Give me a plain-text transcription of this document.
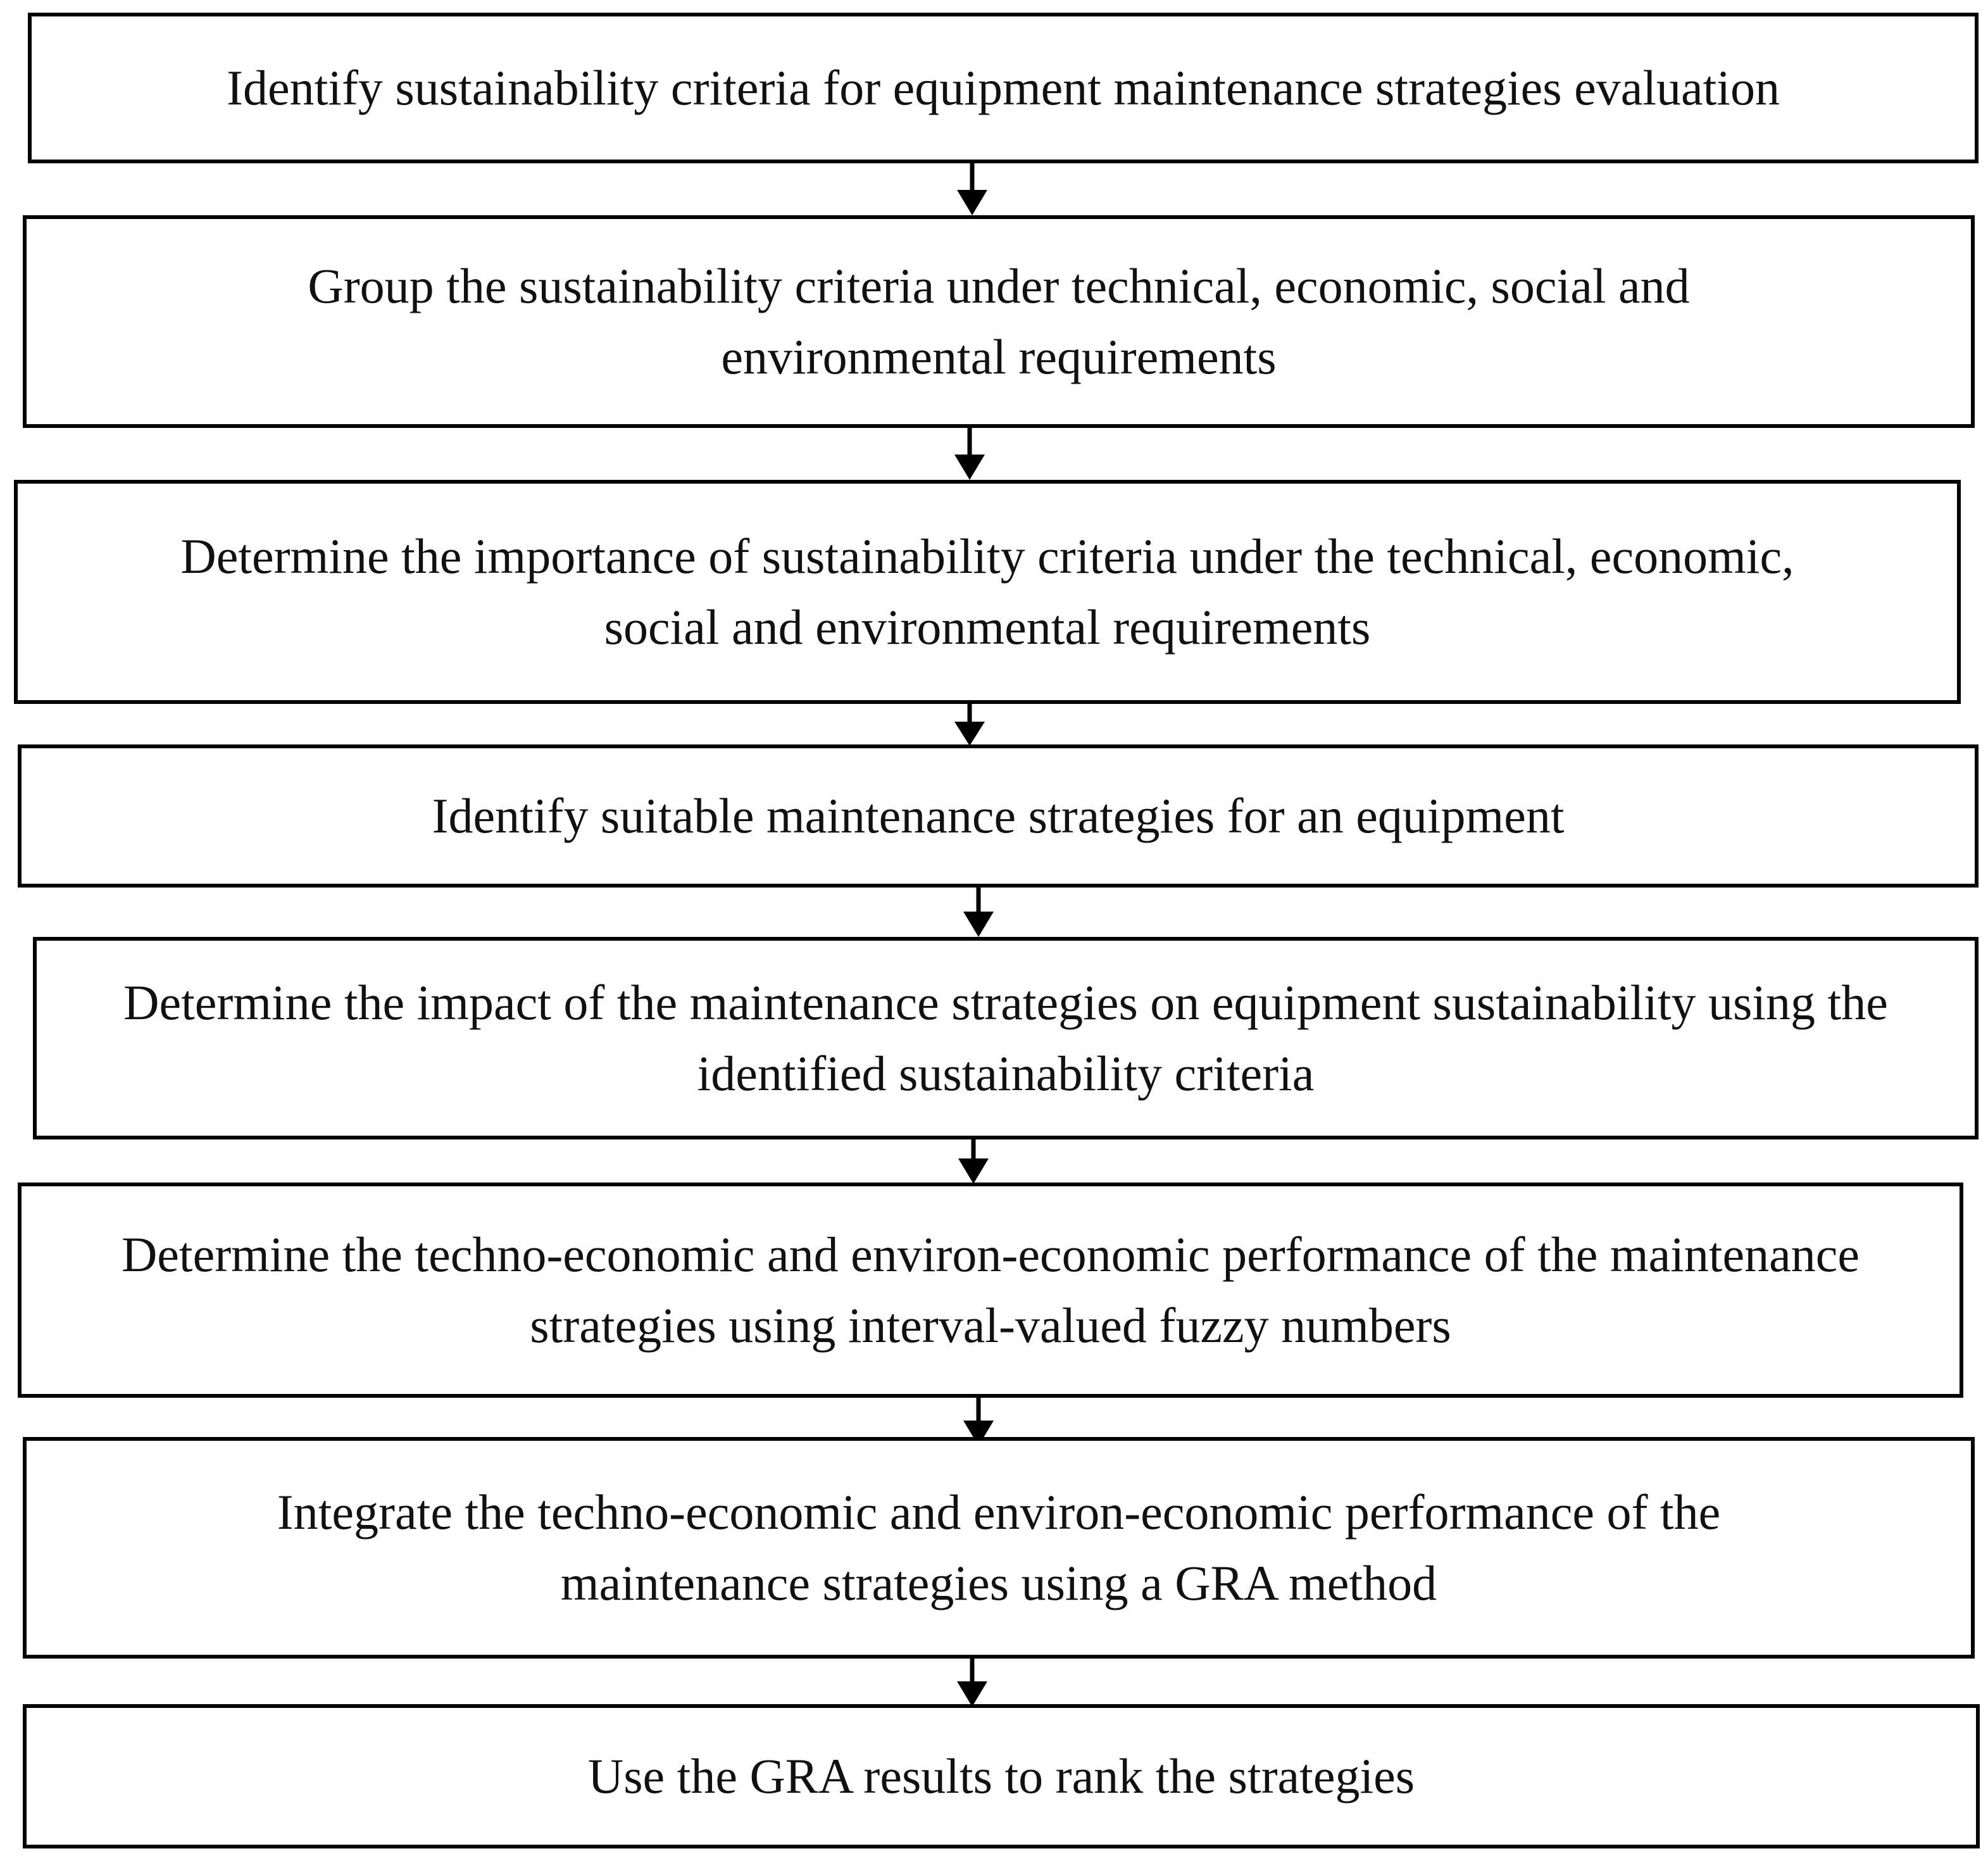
Identify sustainability criteria for equipment maintenance strategies evaluation
Group the sustainability criteria under technical, economic, social and environmental requirements
Determine the importance of sustainability criteria under the technical, economic, social and environmental requirements
Identify suitable maintenance strategies for an equipment
Determine the impact of the maintenance strategies on equipment sustainability using the identified sustainability criteria
Determine the techno-economic and environ-economic performance of the maintenance strategies using interval-valued fuzzy numbers
Integrate the techno-economic and environ-economic performance of the maintenance strategies using a GRA method
Use the GRA results to rank the strategies
